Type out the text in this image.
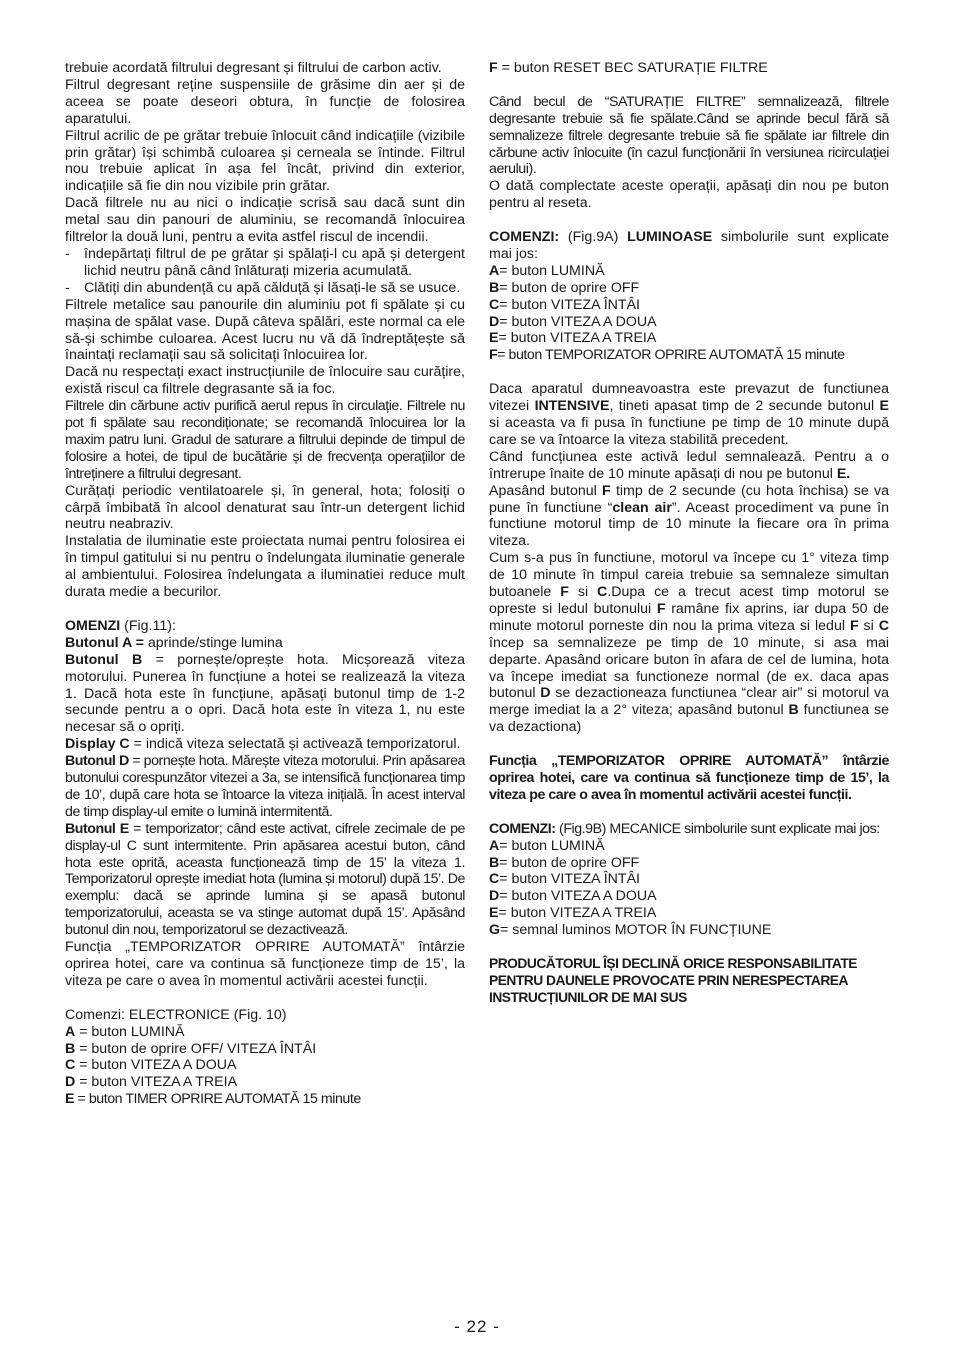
trebuie acordată filtrului degresant și filtrului de carbon activ.

Filtrul degresant reține suspensiile de grăsime din aer și de aceea se poate deseori obtura, în funcție de folosirea aparatului.

Filtrul acrilic de pe grătar trebuie înlocuit când indicațiile (vizibile prin grătar) își schimbă culoarea și cerneala se întinde. Filtrul nou trebuie aplicat în așa fel încât, privind din exterior, indicațiile să fie din nou vizibile prin grătar.

Dacă filtrele nu au nici o indicație scrisă sau dacă sunt din metal sau din panouri de aluminiu, se recomandă înlocuirea filtrelor la două luni, pentru a evita astfel riscul de incendii.

-	îndepărtați filtrul de pe grătar și spălați-l cu apă și detergent lichid neutru până când înlăturați mizeria acumulată.
-	Clătiți din abundență cu apă călduță și lăsați-le să se usuce.

Filtrele metalice sau panourile din aluminiu pot fi spălate și cu mașina de spălat vase. După câteva spălări, este normal ca ele să-și schimbe culoarea. Acest lucru nu vă dă îndreptățește să înaintați reclamații sau să solicitați înlocuirea lor.

Dacă nu respectați exact instrucțiunile de înlocuire sau curățire, există riscul ca filtrele degrasante să ia foc.

Filtrele din cărbune activ purifică aerul repus în circulație. Filtrele nu pot fi spălate sau recondiționate; se recomandă înlocuirea lor la maxim patru luni. Gradul de saturare a filtrului depinde de timpul de folosire a hotei, de tipul de bucătărie și de frecvența operațiilor de întreținere a filtrului degresant.

Curățați periodic ventilatoarele și, în general, hota; folosiți o cârpă îmbibată în alcool denaturat sau într-un detergent lichid neutru neabraziv.

Instalatia de iluminatie este proiectata numai pentru folosirea ei în timpul gatitului si nu pentru o îndelungata iluminatie generale al ambientului. Folosirea îndelungata a iluminatiei reduce mult durata medie a becurilor.

OMENZI (Fig.11):

Butonul A = aprinde/stinge lumina

Butonul B = pornește/oprește hota. Micșorează viteza motorului. Punerea în funcțiune a hotei se realizează la viteza 1. Dacă hota este în funcțiune, apăsați butonul timp de 1-2 secunde pentru a o opri. Dacă hota este în viteza 1, nu este necesar să o opriți.

Display C = indică viteza selectată și activează temporizatorul.

Butonul D = pornește hota. Mărește viteza motorului. Prin apăsarea butonului corespunzător vitezei a 3a, se intensifică funcționarea timp de 10’, după care hota se întoarce la viteza inițială. În acest interval de timp display-ul emite o lumină intermitentă.

Butonul E = temporizator; când este activat, cifrele zecimale de pe display-ul C sunt intermitente. Prin apăsarea acestui buton, când hota este oprită, aceasta funcționează timp de 15’ la viteza 1. Temporizatorul oprește imediat hota (lumina și motorul) după 15’. De exemplu: dacă se aprinde lumina și se apasă butonul temporizatorului, aceasta se va stinge automat după 15’. Apăsând butonul din nou, temporizatorul se dezactivează.

Funcția „TEMPORIZATOR OPRIRE AUTOMATĂ” întârzie oprirea hotei, care va continua să funcționeze timp de 15’, la viteza pe care o avea în momentul activării acestei funcții.

Comenzi: ELECTRONICE (Fig. 10)

A = buton LUMINĂ

B = buton de oprire OFF/ VITEZA ÎNTÂI

C = buton VITEZA A DOUA

D = buton VITEZA A TREIA

E = buton TIMER OPRIRE AUTOMATĂ 15 minute

F = buton RESET BEC SATURAȚIE FILTRE

Când becul de “SATURAȚIE FILTRE” semnalizează, filtrele degresante trebuie să fie spălate.Când se aprinde becul fără să semnalizeze filtrele degresante trebuie să fie spălate iar filtrele din cărbune activ înlocuite (în cazul funcționării în versiunea ricirculației aerului).

O dată complectate aceste operații, apăsați din nou pe buton pentru al reseta.

COMENZI: (Fig.9A) LUMINOASE simbolurile sunt explicate mai jos:

A= buton LUMINĂ

B= buton de oprire OFF

C= buton VITEZA ÎNTÂI

D= buton VITEZA A DOUA

E= buton VITEZA A TREIA

F= buton TEMPORIZATOR OPRIRE AUTOMATĂ 15 minute

Daca aparatul dumneavoastra este prevazut de functiunea vitezei INTENSIVE, tineti apasat timp de 2 secunde butonul E si aceasta va fi pusa în functiune pe timp de 10 minute după care se va întoarce la viteza stabilită precedent.

Când funcțiunea este activă ledul semnalează. Pentru a o întrerupe înaite de 10 minute apăsați di nou pe butonul E.

Apasând butonul F timp de 2 secunde (cu hota închisa) se va pune în functiune “clean air”. Aceast procediment va pune în functiune motorul timp de 10 minute la fiecare ora în prima viteza.

Cum s-a pus în functiune, motorul va începe cu 1° viteza timp de 10 minute în timpul careia trebuie sa semnaleze simultan butoanele F si C.Dupa ce a trecut acest timp motorul se opreste si ledul butonului F ramâne fix aprins, iar dupa 50 de minute motorul porneste din nou la prima viteza si ledul F si C încep sa semnalizeze pe timp de 10 minute, si asa mai departe. Apasând oricare buton în afara de cel de lumina, hota va începe imediat sa functioneze normal (de ex. daca apas butonul D se dezactioneaza functiunea “clear air” si motorul va merge imediat la a 2° viteza; apasând butonul B functiunea se va dezactiona)

Funcția „TEMPORIZATOR OPRIRE AUTOMATĂ” întârzie oprirea hotei, care va continua să funcționeze timp de 15’, la viteza pe care o avea în momentul activării acestei funcții.

COMENZI: (Fig.9B) MECANICE simbolurile sunt explicate mai jos:

A= buton LUMINĂ

B= buton de oprire OFF

C= buton VITEZA ÎNTÂI

D= buton VITEZA A DOUA

E= buton VITEZA A TREIA

G= semnal luminos MOTOR ÎN FUNCȚIUNE

PRODUCĂTORUL ÎȘI DECLINĂ ORICE RESPONSABILITATE PENTRU DAUNELE PROVOCATE PRIN NERESPECTAREA INSTRUCȚIUNILOR DE MAI SUS

- 22 -
